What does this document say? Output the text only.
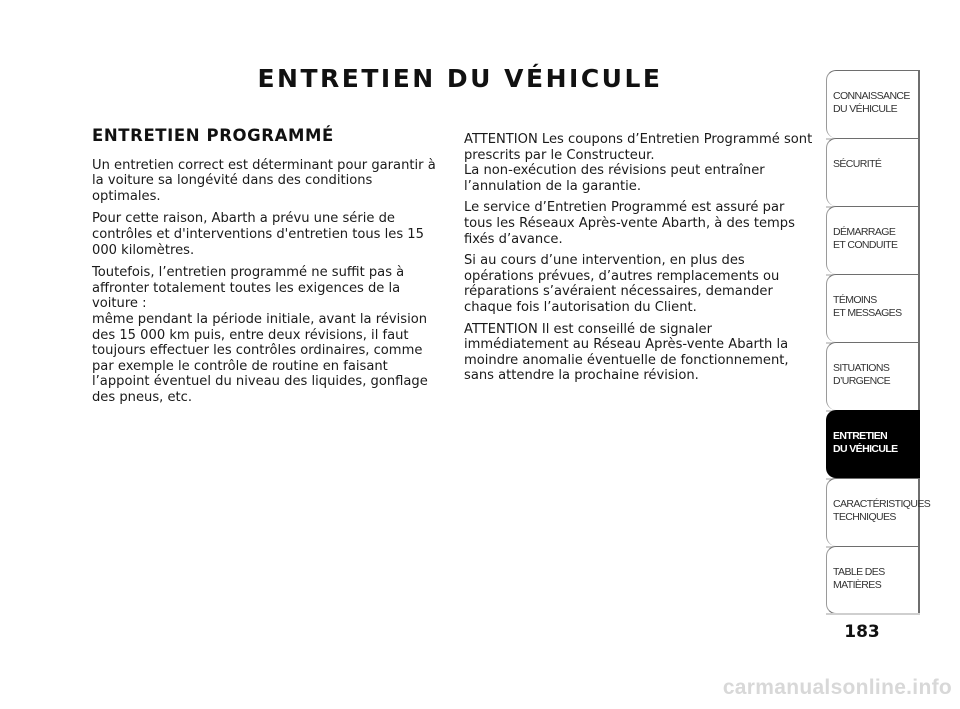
ENTRETIEN DU VÉHICULE
ENTRETIEN PROGRAMMÉ

Un entretien correct est déterminant pour garantir à la voiture sa longévité dans des conditions optimales.

Pour cette raison, Abarth a prévu une série de contrôles et d'interventions d'entretien tous les 15 000 kilomètres.

Toutefois, l’entretien programmé ne suffit pas à affronter totalement toutes les exigences de la voiture :
même pendant la période initiale, avant la révision des 15 000 km puis, entre deux révisions, il faut toujours effectuer les contrôles ordinaires, comme par exemple le contrôle de routine en faisant l’appoint éventuel du niveau des liquides, gonflage des pneus, etc.

ATTENTION Les coupons d’Entretien Programmé sont prescrits par le Constructeur.
La non-exécution des révisions peut entraîner l’annulation de la garantie.

Le service d’Entretien Programmé est assuré par tous les Réseaux Après-vente Abarth, à des temps fixés d’avance.

Si au cours d’une intervention, en plus des opérations prévues, d’autres remplacements ou réparations s’avéraient nécessaires, demander chaque fois l’autorisation du Client.

ATTENTION Il est conseillé de signaler immédiatement au Réseau Après-vente Abarth la moindre anomalie éventuelle de fonctionnement, sans attendre la prochaine révision.

CONNAISSANCE
DU VÉHICULE
SÉCURITÉ
DÉMARRAGE
ET CONDUITE
TÉMOINS
ET MESSAGES
SITUATIONS
D’URGENCE
ENTRETIEN
DU VÉHICULE
CARACTÉRISTIQUES
TECHNIQUES
TABLE DES
MATIÈRES
183
carmanualsonline.info
